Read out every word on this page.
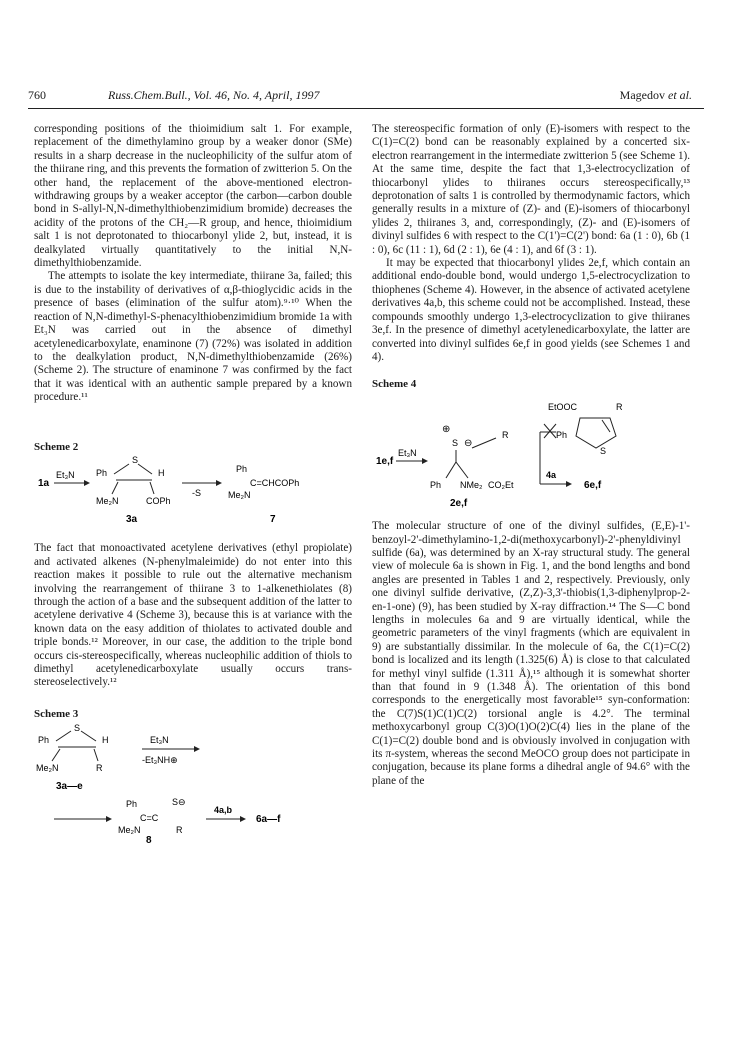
760	Russ.Chem.Bull., Vol. 46, No. 4, April, 1997	Magedov et al.

corresponding positions of the thioimidium salt 1. For example, replacement of the dimethylamino group by a weaker donor (SMe) results in a sharp decrease in the nucleophilicity of the sulfur atom of the thiirane ring, and this prevents the formation of zwitterion 5. On the other hand, the replacement of the above-mentioned electron-withdrawing groups by a weaker acceptor (the carbon—carbon double bond in S-allyl-N,N-dimethylthiobenzimidium bromide) decreases the acidity of the protons of the CH₂—R group, and hence, thioimidium salt 1 is not deprotonated to thiocarbonyl ylide 2, but, instead, it is dealkylated virtually quantitatively to the initial N,N-dimethylthiobenzamide.

The attempts to isolate the key intermediate, thiirane 3a, failed; this is due to the instability of derivatives of α,β-thioglycidic acids in the presence of bases (elimination of the sulfur atom).⁹·¹⁰ When the reaction of N,N-dimethyl-S-phenacylthiobenzimidium bromide 1a with Et₃N was carried out in the absence of dimethyl acetylenedicarboxylate, enaminone (7) (72%) was isolated in addition to the dealkylation product, N,N-dimethylthiobenzamide (26%) (Scheme 2). The structure of enaminone 7 was confirmed by the fact that it was identical with an authentic sample prepared by a known procedure.¹¹

Scheme 2

1a
Et₃N Ph
S
H
Me₂N	COPh
3a
-S
Ph
C=CHCOPh
Me₂N
7

The fact that monoactivated acetylene derivatives (ethyl propiolate) and activated alkenes (N-phenylmaleimide) do not enter into this reaction makes it possible to rule out the alternative mechanism involving the rearrangement of thiirane 3 to 1-alkenethiolates (8) through the action of a base and the subsequent addition of the latter to acetylene derivative 4 (Scheme 3), because this is at variance with the known data on the easy addition of thiolates to activated double and triple bonds.¹² Moreover, in our case, the addition to the triple bond occurs cis-stereospecifically, whereas nucleophilic addition of thiols to dimethyl acetylenedicarboxylate usually occurs trans-stereoselectively.¹²

Scheme 3

Ph
S
H
Me₂N	R
3a—e
Et₃N
-Et₃NH⊕
Ph
C=C
S⊖
Me₂N	R
4a,b
6a—f
8

The stereospecific formation of only (E)-isomers with respect to the C(1)=C(2) bond can be reasonably explained by a concerted six-electron rearrangement in the intermediate zwitterion 5 (see Scheme 1). At the same time, despite the fact that 1,3-electrocyclization of thiocarbonyl ylides to thiiranes occurs stereospecifically,¹³ deprotonation of salts 1 is controlled by thermodynamic factors, which generally results in a mixture of (Z)- and (E)-isomers of thiocarbonyl ylides 2, thiiranes 3, and, correspondingly, (Z)- and (E)-isomers of divinyl sulfides 6 with respect to the C(1')=C(2') bond: 6a (1 : 0), 6b (1 : 0), 6c (11 : 1), 6d (2 : 1), 6e (4 : 1), and 6f (3 : 1).

It may be expected that thiocarbonyl ylides 2e,f, which contain an additional endo-double bond, would undergo 1,5-electrocyclization to thiophenes (Scheme 4). However, in the absence of activated acetylene derivatives 4a,b, this scheme could not be accomplished. Instead, these compounds smoothly undergo 1,3-electrocyclization to give thiiranes 3e,f. In the presence of dimethyl acetylenedicarboxylate, the latter are converted into divinyl sulfides 6e,f in good yields (see Schemes 1 and 4).

Scheme 4

EtOOC	R
Ph
S
4a
6e,f
1e,f
Et₃N
⊕
S ⊖
R
Ph NMe₂ CO₂Et
2e,f

The molecular structure of one of the divinyl sulfides, (E,E)-1'-benzoyl-2'-dimethylamino-1,2-di(methoxycarbonyl)-2'-phenyldivinyl sulfide (6a), was determined by an X-ray structural study. The general view of molecule 6a is shown in Fig. 1, and the bond lengths and bond angles are presented in Tables 1 and 2, respectively. Previously, only one divinyl sulfide derivative, (Z,Z)-3,3'-thiobis(1,3-diphenylprop-2-en-1-one) (9), has been studied by X-ray diffraction.¹⁴ The S—C bond lengths in molecules 6a and 9 are virtually identical, while the geometric parameters of the vinyl fragments (which are equivalent in 9) are substantially dissimilar. In the molecule of 6a, the C(1)=C(2) bond is localized and its length (1.325(6) Å) is close to that calculated for methyl vinyl sulfide (1.311 Å),¹⁵ although it is somewhat shorter than that found in 9 (1.348 Å). The orientation of this bond corresponds to the energetically most favorable¹⁵ syn-conformation: the C(7)S(1)C(1)C(2) torsional angle is 4.2°. The terminal methoxycarbonyl group C(3)O(1)O(2)C(4) lies in the plane of the C(1)=C(2) double bond and is obviously involved in conjugation with its π-system, whereas the second MeOCO group does not participate in conjugation, because its plane forms a dihedral angle of 94.6° with the plane of the
